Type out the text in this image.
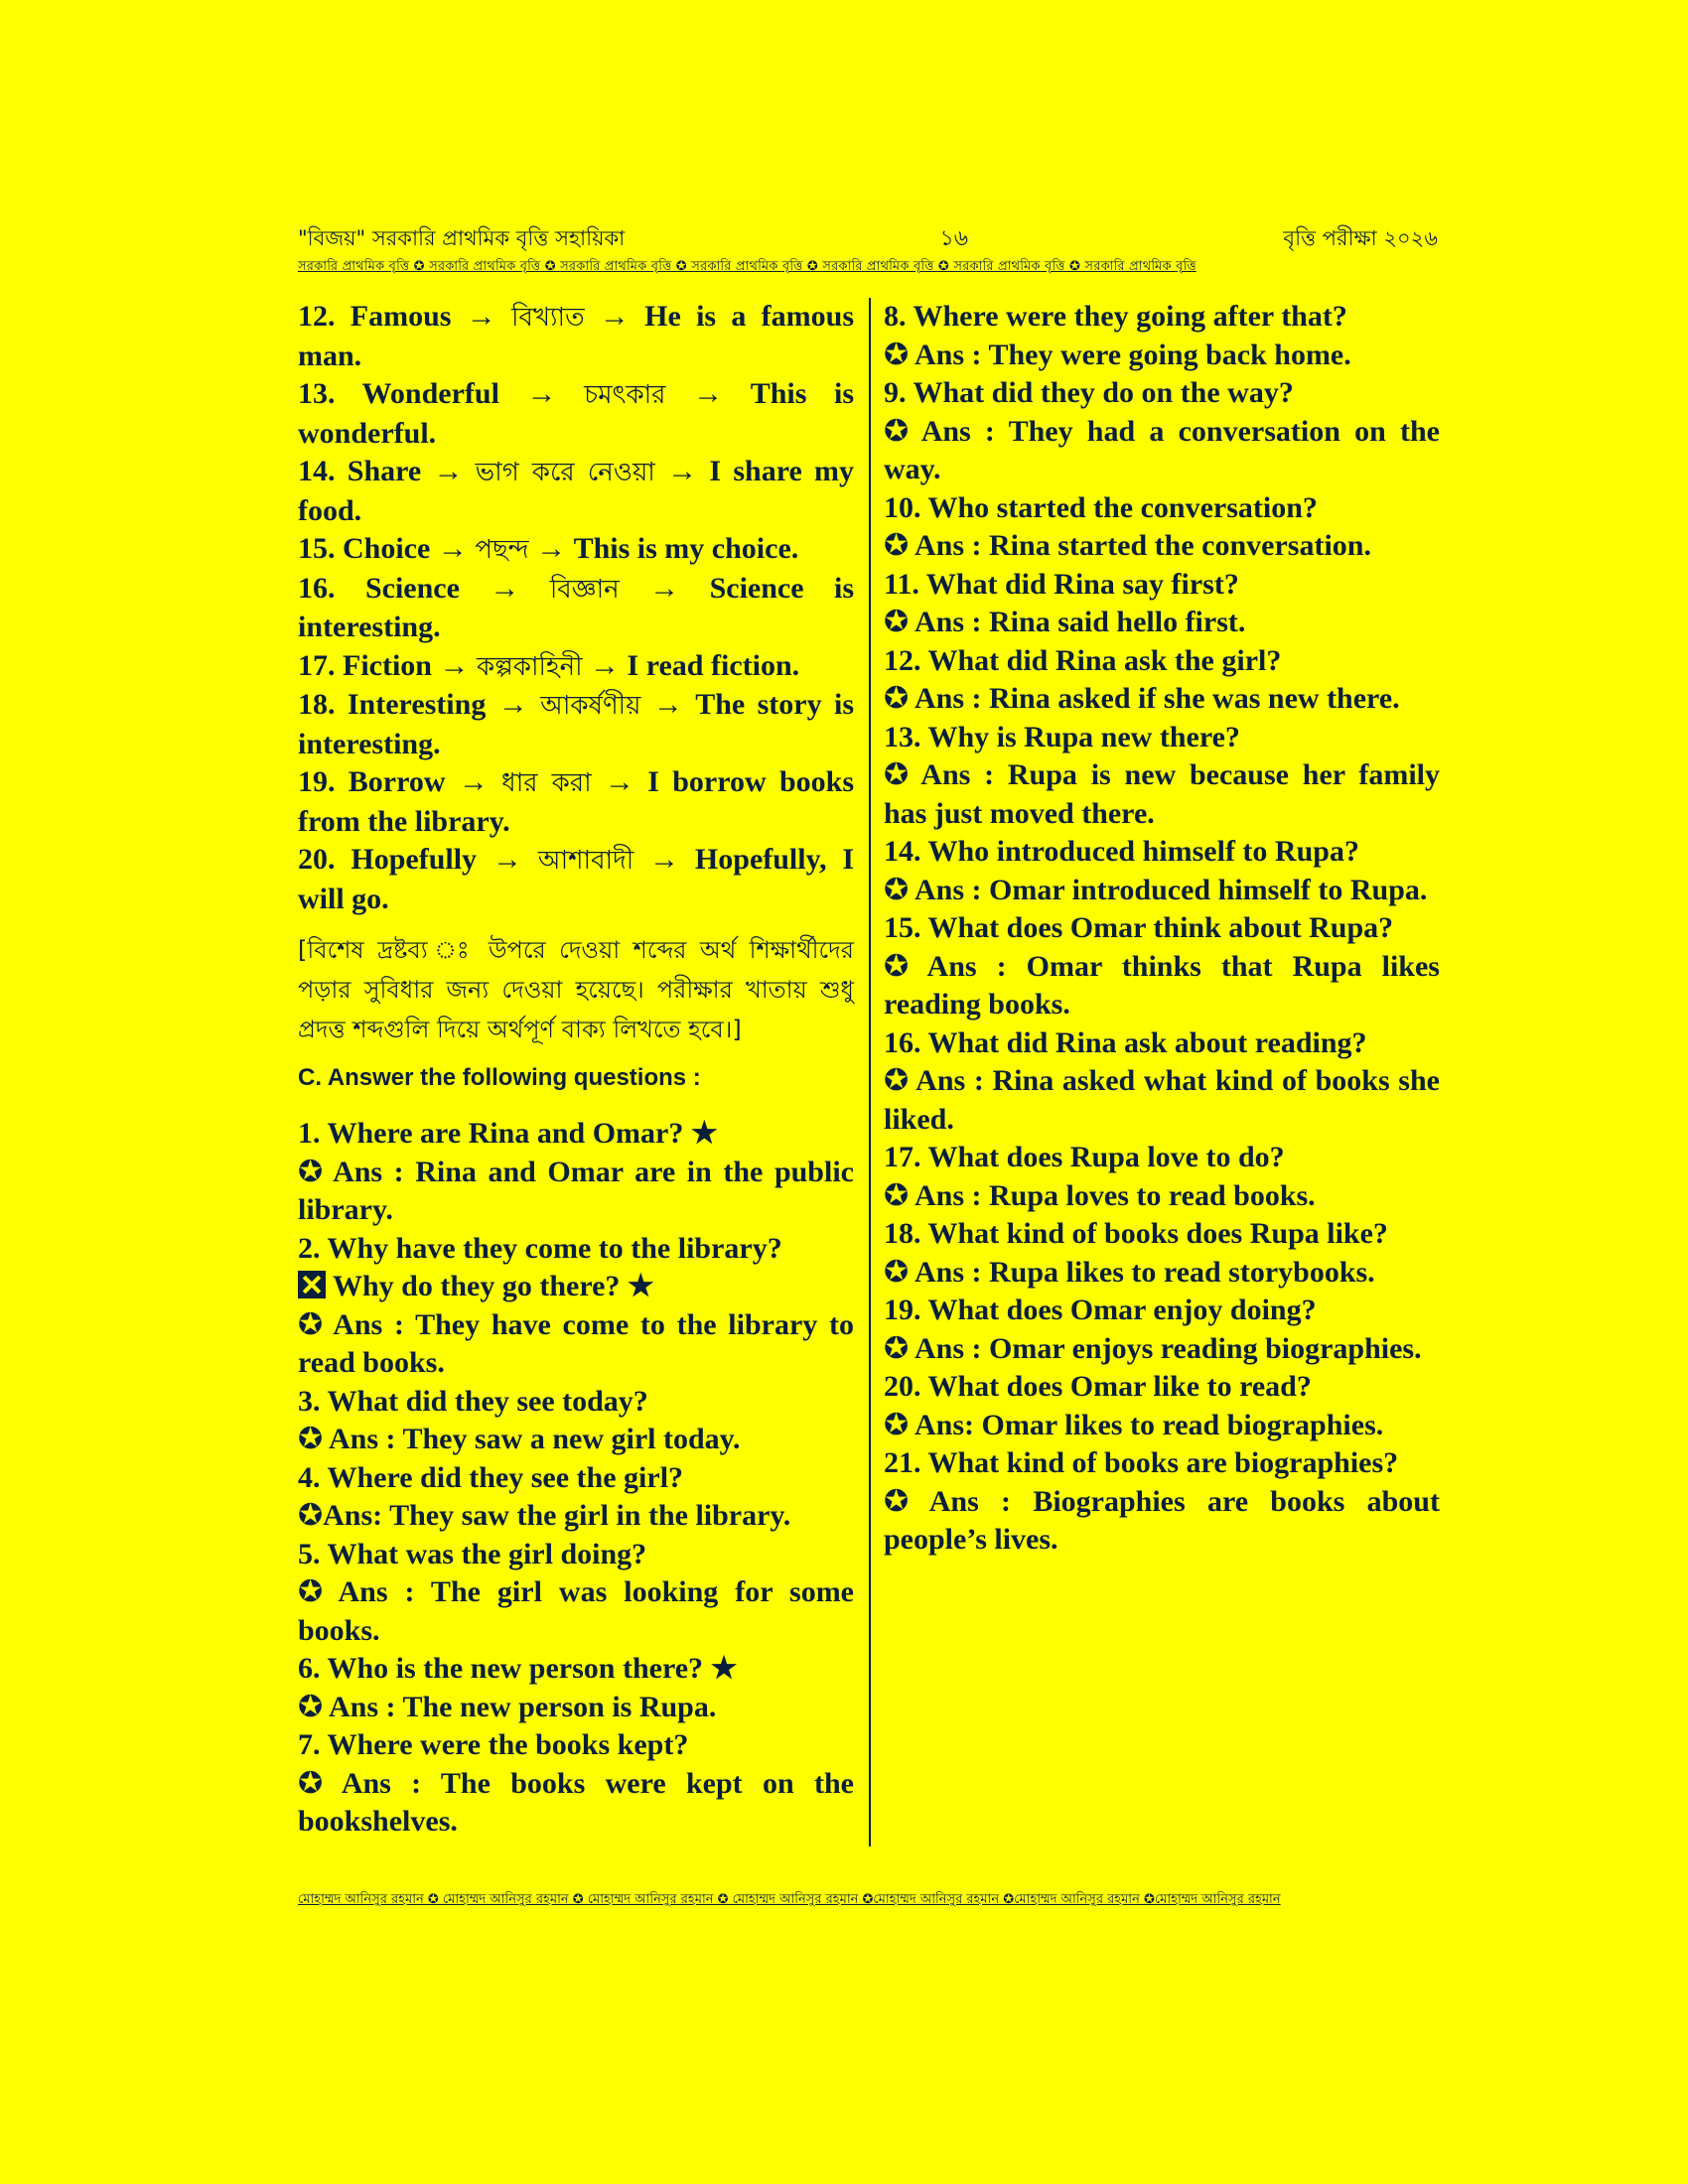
"বিজয়" সরকারি প্রাথমিক বৃত্তি সহায়িকা	১৬	বৃত্তি পরীক্ষা ২০২৬
সরকারি প্রাথমিক বৃত্তি ✪ সরকারি প্রাথমিক বৃত্তি ✪ সরকারি প্রাথমিক বৃত্তি ✪ সরকারি প্রাথমিক বৃত্তি ✪ সরকারি প্রাথমিক বৃত্তি ✪ সরকারি প্রাথমিক বৃত্তি ✪ সরকারি প্রাথমিক বৃত্তি

12. Famous → বিখ্যাত → He is a famous man.

13. Wonderful → চমৎকার → This is wonderful.

14. Share → ভাগ করে নেওয়া → I share my food.

15. Choice → পছন্দ → This is my choice.

16. Science → বিজ্ঞান → Science is interesting.

17. Fiction → কল্পকাহিনী → I read fiction.

18. Interesting → আকর্ষণীয় → The story is interesting.

19. Borrow → ধার করা → I borrow books from the library.

20. Hopefully → আশাবাদী → Hopefully, I will go.

[বিশেষ দ্রষ্টব্য ঃ উপরে দেওয়া শব্দের অর্থ শিক্ষার্থীদের পড়ার সুবিধার জন্য দেওয়া হয়েছে। পরীক্ষার খাতায় শুধু প্রদত্ত শব্দগুলি দিয়ে অর্থপূর্ণ বাক্য লিখতে হবে।]

C. Answer the following questions :

1. Where are Rina and Omar? ★

✪ Ans : Rina and Omar are in the public library.

2. Why have they come to the library?

Why do they go there? ★

✪ Ans : They have come to the library to read books.

3. What did they see today?

✪ Ans : They saw a new girl today.

4. Where did they see the girl?

✪Ans: They saw the girl in the library.

5. What was the girl doing?

✪ Ans : The girl was looking for some books.

6. Who is the new person there? ★

✪ Ans : The new person is Rupa.

7. Where were the books kept?

✪ Ans : The books were kept on the bookshelves.

8. Where were they going after that?

✪ Ans : They were going back home.

9. What did they do on the way?

✪ Ans : They had a conversation on the way.

10. Who started the conversation?

✪ Ans : Rina started the conversation.

11. What did Rina say first?

✪ Ans : Rina said hello first.

12. What did Rina ask the girl?

✪ Ans : Rina asked if she was new there.

13. Why is Rupa new there?

✪ Ans : Rupa is new because her family has just moved there.

14. Who introduced himself to Rupa?

✪ Ans : Omar introduced himself to Rupa.

15. What does Omar think about Rupa?

✪ Ans : Omar thinks that Rupa likes reading books.

16. What did Rina ask about reading?

✪ Ans : Rina asked what kind of books she liked.

17. What does Rupa love to do?

✪ Ans : Rupa loves to read books.

18. What kind of books does Rupa like?

✪ Ans : Rupa likes to read storybooks.

19. What does Omar enjoy doing?

✪ Ans : Omar enjoys reading biographies.

20. What does Omar like to read?

✪ Ans: Omar likes to read biographies.

21. What kind of books are biographies?

✪ Ans : Biographies are books about people’s lives.

মোহাম্মদ আনিসুর রহমান ✪ মোহাম্মদ আনিসুর রহমান ✪ মোহাম্মদ আনিসুর রহমান ✪ মোহাম্মদ আনিসুর রহমান ✪মোহাম্মদ আনিসুর রহমান ✪মোহাম্মদ আনিসুর রহমান ✪মোহাম্মদ আনিসুর রহমান
